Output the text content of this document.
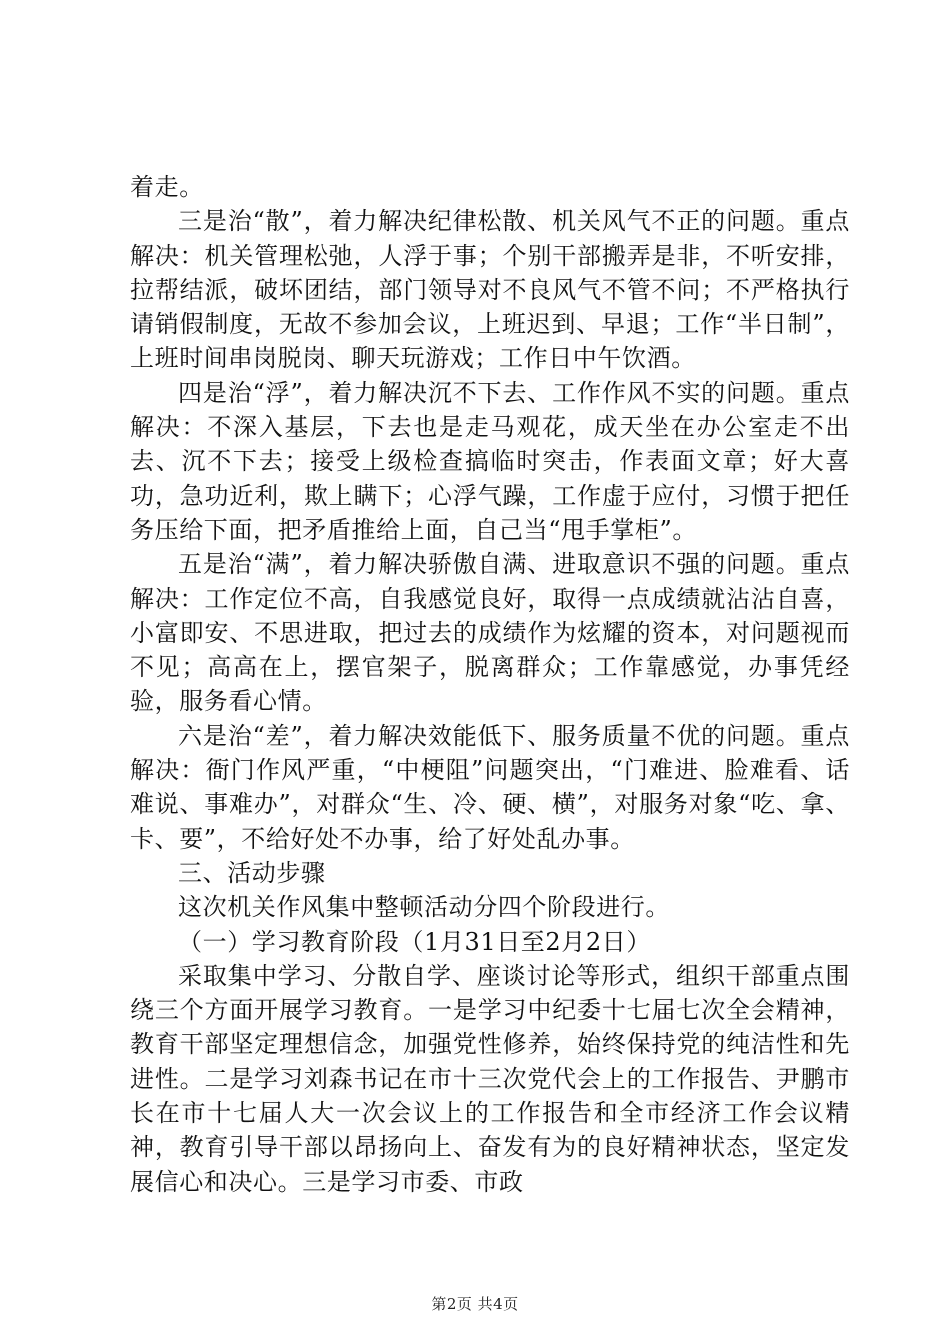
着走。

三是治“散”，着力解决纪律松散、机关风气不正的问题。重点解决：机关管理松弛，人浮于事；个别干部搬弄是非，不听安排，拉帮结派，破坏团结，部门领导对不良风气不管不问；不严格执行请销假制度，无故不参加会议，上班迟到、早退；工作“半日制”，上班时间串岗脱岗、聊天玩游戏；工作日中午饮酒。

四是治“浮”，着力解决沉不下去、工作作风不实的问题。重点解决：不深入基层，下去也是走马观花，成天坐在办公室走不出去、沉不下去；接受上级检查搞临时突击，作表面文章；好大喜功，急功近利，欺上瞒下；心浮气躁，工作虚于应付，习惯于把任务压给下面，把矛盾推给上面，自己当“甩手掌柜”。

五是治“满”，着力解决骄傲自满、进取意识不强的问题。重点解决：工作定位不高，自我感觉良好，取得一点成绩就沾沾自喜，小富即安、不思进取，把过去的成绩作为炫耀的资本，对问题视而不见；高高在上，摆官架子，脱离群众；工作靠感觉，办事凭经验，服务看心情。

六是治“差”，着力解决效能低下、服务质量不优的问题。重点解决：衙门作风严重，“中梗阻”问题突出，“门难进、脸难看、话难说、事难办”，对群众“生、冷、硬、横”，对服务对象“吃、拿、卡、要”，不给好处不办事，给了好处乱办事。

三、活动步骤

这次机关作风集中整顿活动分四个阶段进行。

（一）学习教育阶段（1月31日至2月2日）

采取集中学习、分散自学、座谈讨论等形式，组织干部重点围绕三个方面开展学习教育。一是学习中纪委十七届七次全会精神，教育干部坚定理想信念，加强党性修养，始终保持党的纯洁性和先进性。二是学习刘森书记在市十三次党代会上的工作报告、尹鹏市长在市十七届人大一次会议上的工作报告和全市经济工作会议精神，教育引导干部以昂扬向上、奋发有为的良好精神状态，坚定发展信心和决心。三是学习市委、市政

第2页 共4页
